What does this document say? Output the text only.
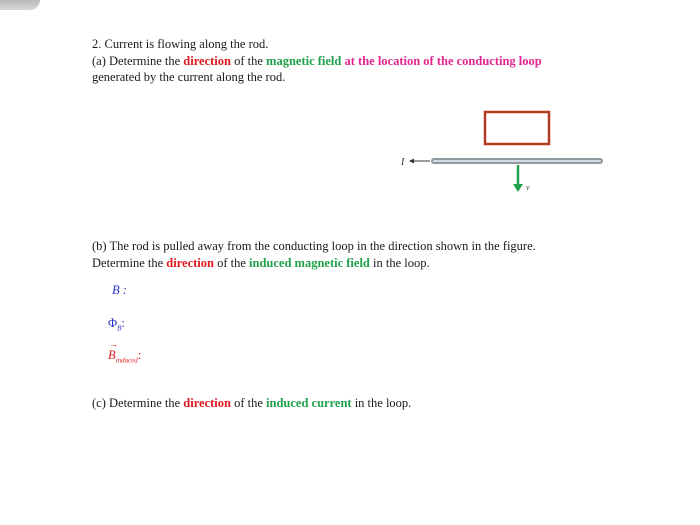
2. Current is flowing along the rod.
(a) Determine the direction of the magnetic field at the location of the conducting loop
generated by the current along the rod.
I
v
(b) The rod is pulled away from the conducting loop in the direction shown in the figure.
Determine the direction of the induced magnetic field in the loop.
B :
$\Phi_B$:
→
$B_{induced}$:
(c) Determine the direction of the induced current in the loop.
